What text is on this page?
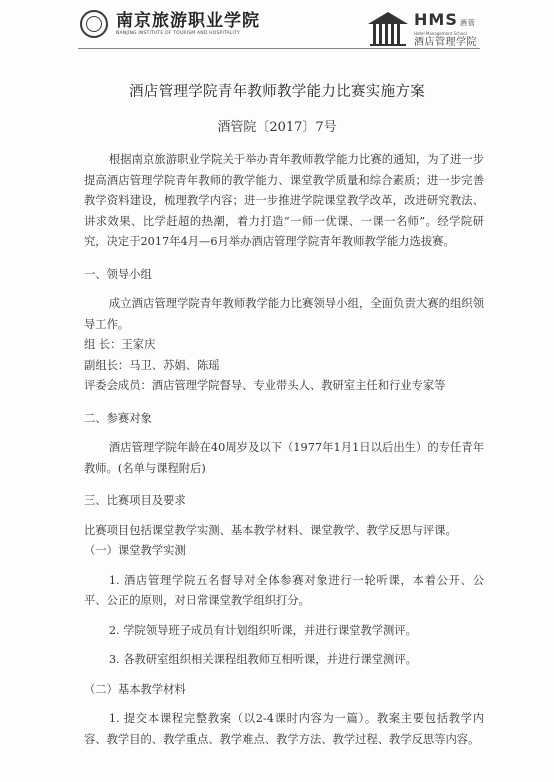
南京旅游职业学院
NANJING INSTITUTE OF TOURISM AND HOSPITALITY
HMS 酒管
Hotel Management School
酒店管理学院
酒店管理学院青年教师教学能力比赛实施方案
酒管院〔2017〕7号

根据南京旅游职业学院关于举办青年教师教学能力比赛的通知，为了进一步提高酒店管理学院青年教师的教学能力、课堂教学质量和综合素质；进一步完善教学资料建设，梳理教学内容；进一步推进学院课堂教学改革，改进研究教法、讲求效果、比学赶超的热潮，着力打造“一师一优课、一课一名师”。经学院研究，决定于2017年4月—6月举办酒店管理学院青年教师教学能力选拔赛。

一、领导小组

成立酒店管理学院青年教师教学能力比赛领导小组，全面负责大赛的组织领导工作。

组 长：王家庆

副组长：马卫、苏娟、陈瑶

评委会成员：酒店管理学院督导、专业带头人、教研室主任和行业专家等

二、参赛对象

酒店管理学院年龄在40周岁及以下（1977年1月1日以后出生）的专任青年教师。(名单与课程附后)

三、比赛项目及要求

比赛项目包括课堂教学实测、基本教学材料、课堂教学、教学反思与评课。

（一）课堂教学实测

1. 酒店管理学院五名督导对全体参赛对象进行一轮听课，本着公开、公平、公正的原则，对日常课堂教学组织打分。

2. 学院领导班子成员有计划组织听课，并进行课堂教学测评。

3. 各教研室组织相关课程组教师互相听课，并进行课堂测评。

（二）基本教学材料

1. 提交本课程完整教案（以2-4课时内容为一篇）。教案主要包括教学内容、教学目的、教学重点、教学难点、教学方法、教学过程、教学反思等内容。
